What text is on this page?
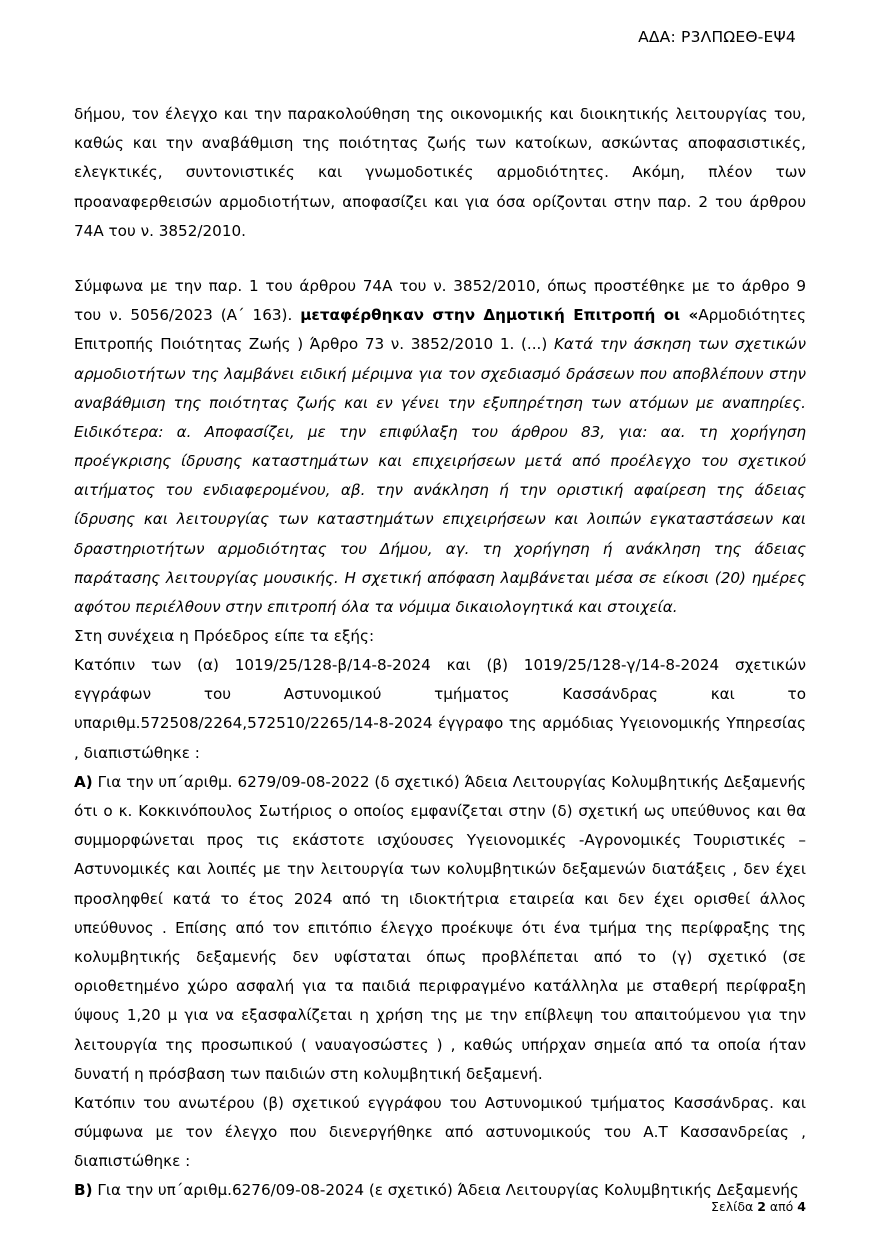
ΑΔΑ: Ρ3ΛΠΩΕΘ-ΕΨ4

δήμου, τον έλεγχο και την παρακολούθηση της οικονομικής και διοικητικής λειτουργίας του, καθώς και την αναβάθμιση της ποιότητας ζωής των κατοίκων, ασκώντας αποφασιστικές, ελεγκτικές, συντονιστικές και γνωμοδοτικές αρμοδιότητες. Ακόμη, πλέον των προαναφερθεισών αρμοδιοτήτων, αποφασίζει και για όσα ορίζονται στην παρ. 2 του άρθρου 74Α του ν. 3852/2010.

Σύμφωνα με την παρ. 1 του άρθρου 74Α του ν. 3852/2010, όπως προστέθηκε με το άρθρο 9 του ν. 5056/2023 (Α΄ 163). μεταφέρθηκαν στην Δημοτική Επιτροπή οι «Αρμοδιότητες Επιτροπής Ποιότητας Ζωής ) Άρθρο 73 ν. 3852/2010 1. (...) Κατά την άσκηση των σχετικών αρμοδιοτήτων της λαμβάνει ειδική μέριμνα για τον σχεδιασμό δράσεων που αποβλέπουν στην αναβάθμιση της ποιότητας ζωής και εν γένει την εξυπηρέτηση των ατόμων με αναπηρίες. Ειδικότερα: α. Αποφασίζει, με την επιφύλαξη του άρθρου 83, για: αα. τη χορήγηση προέγκρισης ίδρυσης καταστημάτων και επιχειρήσεων μετά από προέλεγχο του σχετικού αιτήματος του ενδιαφερομένου, αβ. την ανάκληση ή την οριστική αφαίρεση της άδειας ίδρυσης και λειτουργίας των καταστημάτων επιχειρήσεων και λοιπών εγκαταστάσεων και δραστηριοτήτων αρμοδιότητας του Δήμου, αγ. τη χορήγηση ή ανάκληση της άδειας παράτασης λειτουργίας μουσικής. Η σχετική απόφαση λαμβάνεται μέσα σε είκοσι (20) ημέρες αφότου περιέλθουν στην επιτροπή όλα τα νόμιμα δικαιολογητικά και στοιχεία.

Στη συνέχεια η Πρόεδρος είπε τα εξής:

Κατόπιν των (α) 1019/25/128-β/14-8-2024 και (β) 1019/25/128-γ/14-8-2024 σχετικών εγγράφων του Αστυνομικού τμήματος Κασσάνδρας και το υπαριθμ.572508/2264,572510/2265/14-8-2024 έγγραφο της αρμόδιας Υγειονομικής Υπηρεσίας , διαπιστώθηκε :

Α) Για την υπ΄αριθμ. 6279/09-08-2022 (δ σχετικό) Άδεια Λειτουργίας Κολυμβητικής Δεξαμενής ότι ο κ. Κοκκινόπουλος Σωτήριος ο οποίος εμφανίζεται στην (δ) σχετική ως υπεύθυνος και θα συμμορφώνεται προς τις εκάστοτε ισχύουσες Υγειονομικές -Αγρονομικές Τουριστικές – Αστυνομικές και λοιπές με την λειτουργία των κολυμβητικών δεξαμενών διατάξεις , δεν έχει προσληφθεί κατά το έτος 2024 από τη ιδιοκτήτρια εταιρεία και δεν έχει ορισθεί άλλος υπεύθυνος . Επίσης από τον επιτόπιο έλεγχο προέκυψε ότι ένα τμήμα της περίφραξης της κολυμβητικής δεξαμενής δεν υφίσταται όπως προβλέπεται από το (γ) σχετικό (σε οριοθετημένο χώρο ασφαλή για τα παιδιά περιφραγμένο κατάλληλα με σταθερή περίφραξη ύψους 1,20 μ για να εξασφαλίζεται η χρήση της με την επίβλεψη του απαιτούμενου για την λειτουργία της προσωπικού ( ναυαγοσώστες ) , καθώς υπήρχαν σημεία από τα οποία ήταν δυνατή η πρόσβαση των παιδιών στη κολυμβητική δεξαμενή.

Κατόπιν του ανωτέρου (β) σχετικού εγγράφου του Αστυνομικού τμήματος Κασσάνδρας. και σύμφωνα με τον έλεγχο που διενεργήθηκε από αστυνομικούς του Α.Τ Κασσανδρείας , διαπιστώθηκε :

Β) Για την υπ΄αριθμ.6276/09-08-2024 (ε σχετικό) Άδεια Λειτουργίας Κολυμβητικής Δεξαμενής

Σελίδα 2 από 4
